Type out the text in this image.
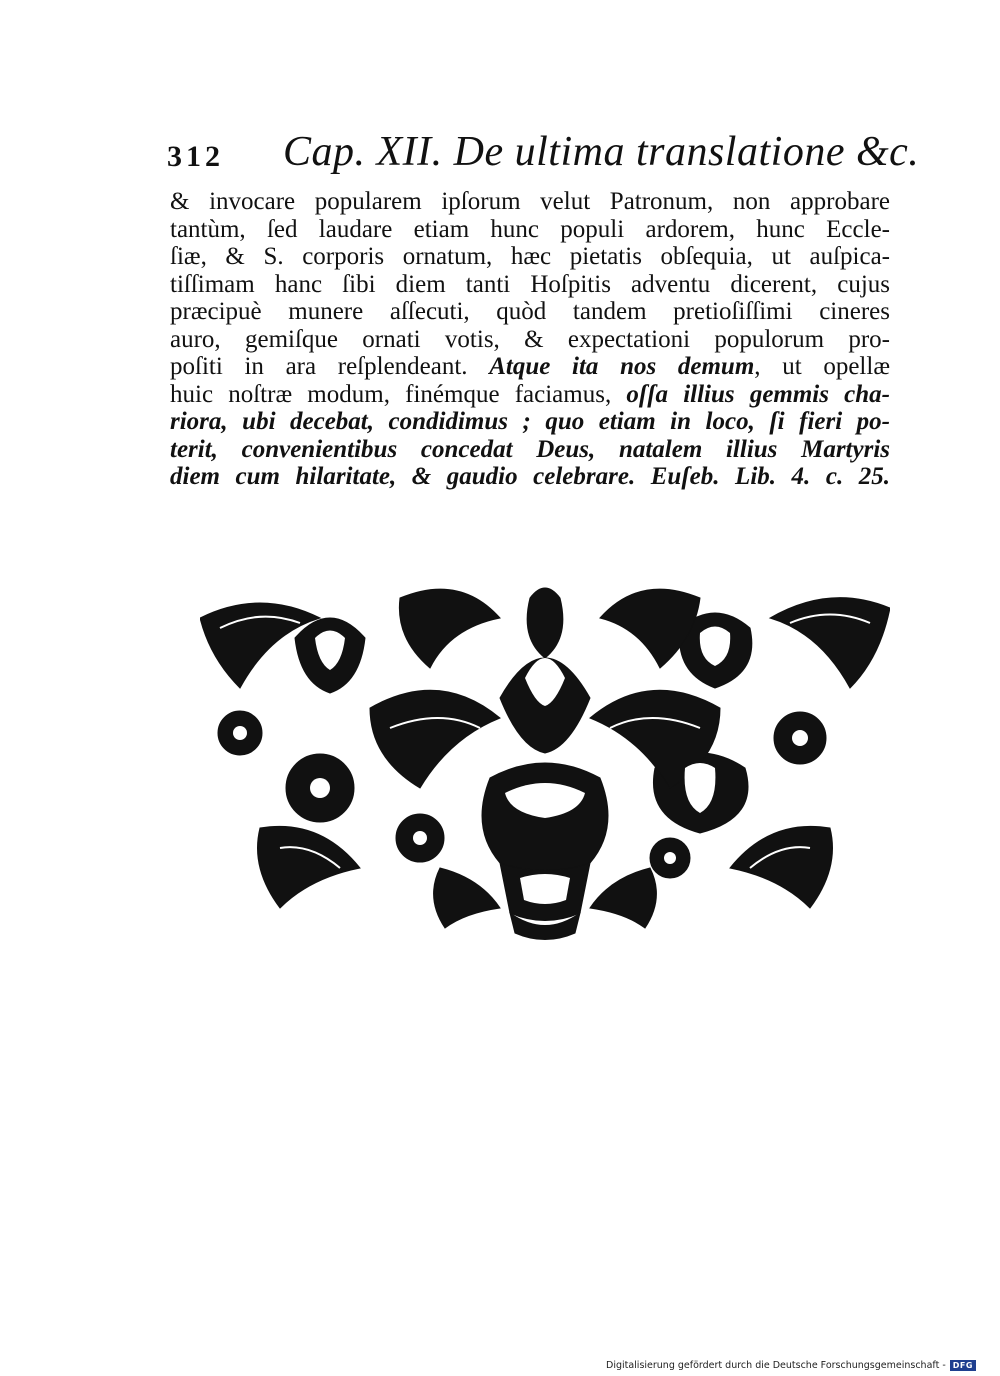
312 Cap. XII. De ultima translatione &c.
& invocare popularem ipſorum velut Patronum, non approbare
tantùm, ſed laudare etiam hunc populi ardorem, hunc Eccle-
ſiæ, & S. corporis ornatum, hæc pietatis obſequia, ut auſpica-
tiſſimam hanc ſibi diem tanti Hoſpitis adventu dicerent, cujus
præcipuè munere aſſecuti, quòd tandem pretioſiſſimi cineres
auro, gemiſque ornati votis, & expectationi populorum pro-
poſiti in ara reſplendeant. Atque ita nos demum, ut opellæ
huic noſtræ modum, finémque faciamus, oſſa illius gemmis cha-
riora, ubi decebat, condidimus ; quo etiam in loco, ſi fieri po-
terit, convenientibus concedat Deus, natalem illius Martyris
diem cum hilaritate, & gaudio celebrare. Euſeb. Lib. 4. c. 25.
Digitalisierung gefördert durch die Deutsche Forschungsgemeinschaft - DFG
